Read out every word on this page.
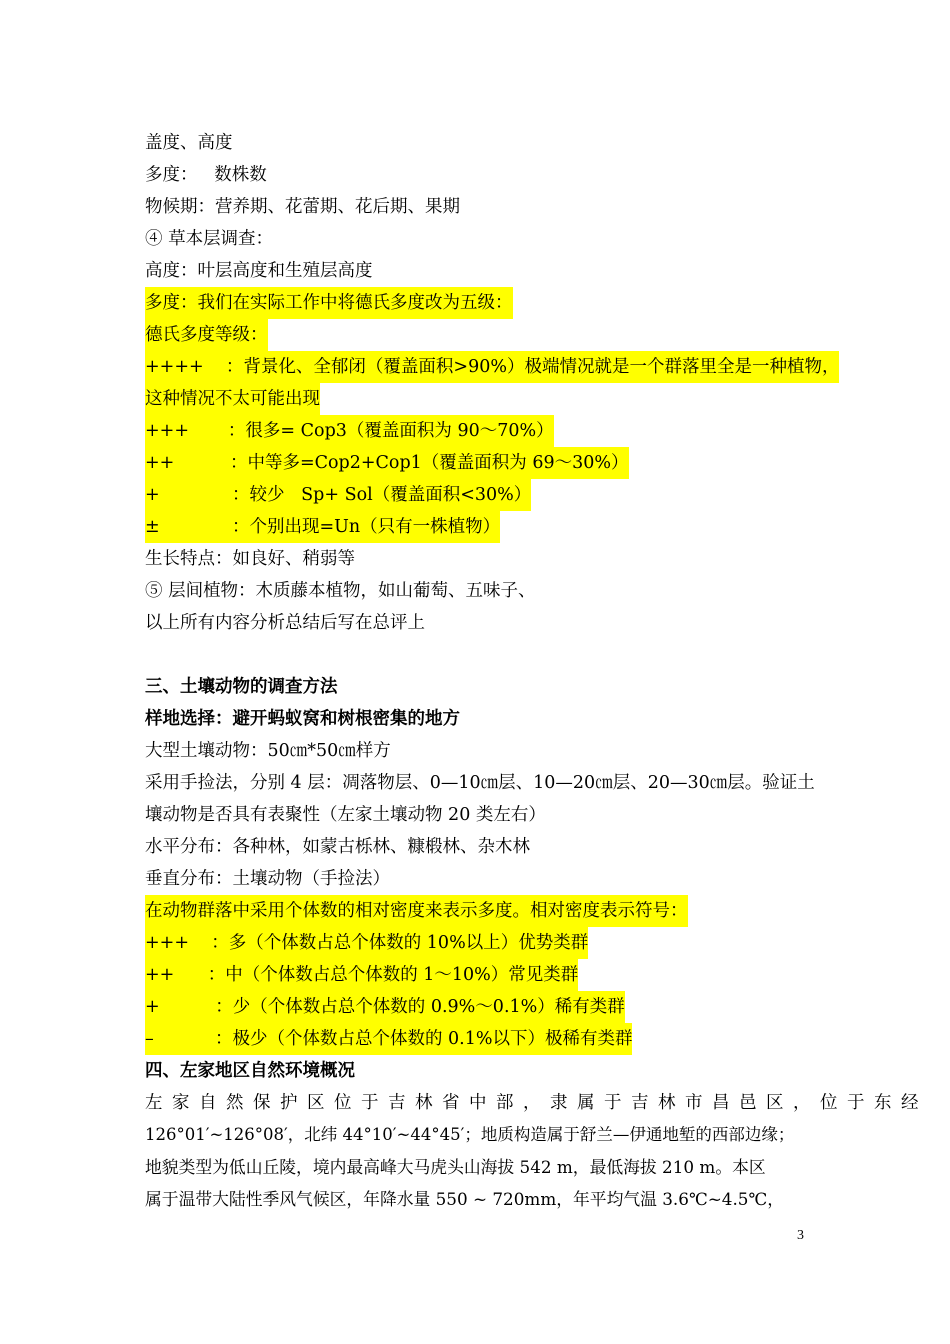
盖度、高度
多度：   数株数
物候期：营养期、花蕾期、花后期、果期
④ 草本层调查：
高度：叶层高度和生殖层高度
多度：我们在实际工作中将德氏多度改为五级：
德氏多度等级：
++++    ：背景化、全郁闭（覆盖面积>90%）极端情况就是一个群落里全是一种植物，
这种情况不太可能出现
+++       ：很多= Cop3（覆盖面积为 90～70%）
++          ：中等多=Cop2+Cop1（覆盖面积为 69～30%）
+             ：较少   Sp+ Sol（覆盖面积<30%）
±             ：个别出现=Un（只有一株植物）
生长特点：如良好、稍弱等
⑤ 层间植物：木质藤本植物，如山葡萄、五味子、
以上所有内容分析总结后写在总评上
三、土壤动物的调查方法
样地选择：避开蚂蚁窝和树根密集的地方
大型土壤动物：50㎝*50㎝样方
采用手捡法，分别 4 层：凋落物层、0—10㎝层、10—20㎝层、20—30㎝层。验证土
壤动物是否具有表聚性（左家土壤动物 20 类左右）
水平分布：各种林，如蒙古栎林、糠椴林、杂木林
垂直分布：土壤动物（手捡法）
在动物群落中采用个体数的相对密度来表示多度。相对密度表示符号：
+++    ：多（个体数占总个体数的 10%以上）优势类群
++      ：中（个体数占总个体数的 1～10%）常见类群
+          ：少（个体数占总个体数的 0.9%～0.1%）稀有类群
–           ：极少（个体数占总个体数的 0.1%以下）极稀有类群
四、左家地区自然环境概况
左家自然保护区位于吉林省中部，隶属于吉林市昌邑区，位于东经
126°01′~126°08′，北纬 44°10′~44°45′；地质构造属于舒兰—伊通地堑的西部边缘；
地貌类型为低山丘陵，境内最高峰大马虎头山海拔 542 m，最低海拔 210 m。本区
属于温带大陆性季风气候区，年降水量 550 ~ 720mm，年平均气温 3.6℃~4.5℃，
3
